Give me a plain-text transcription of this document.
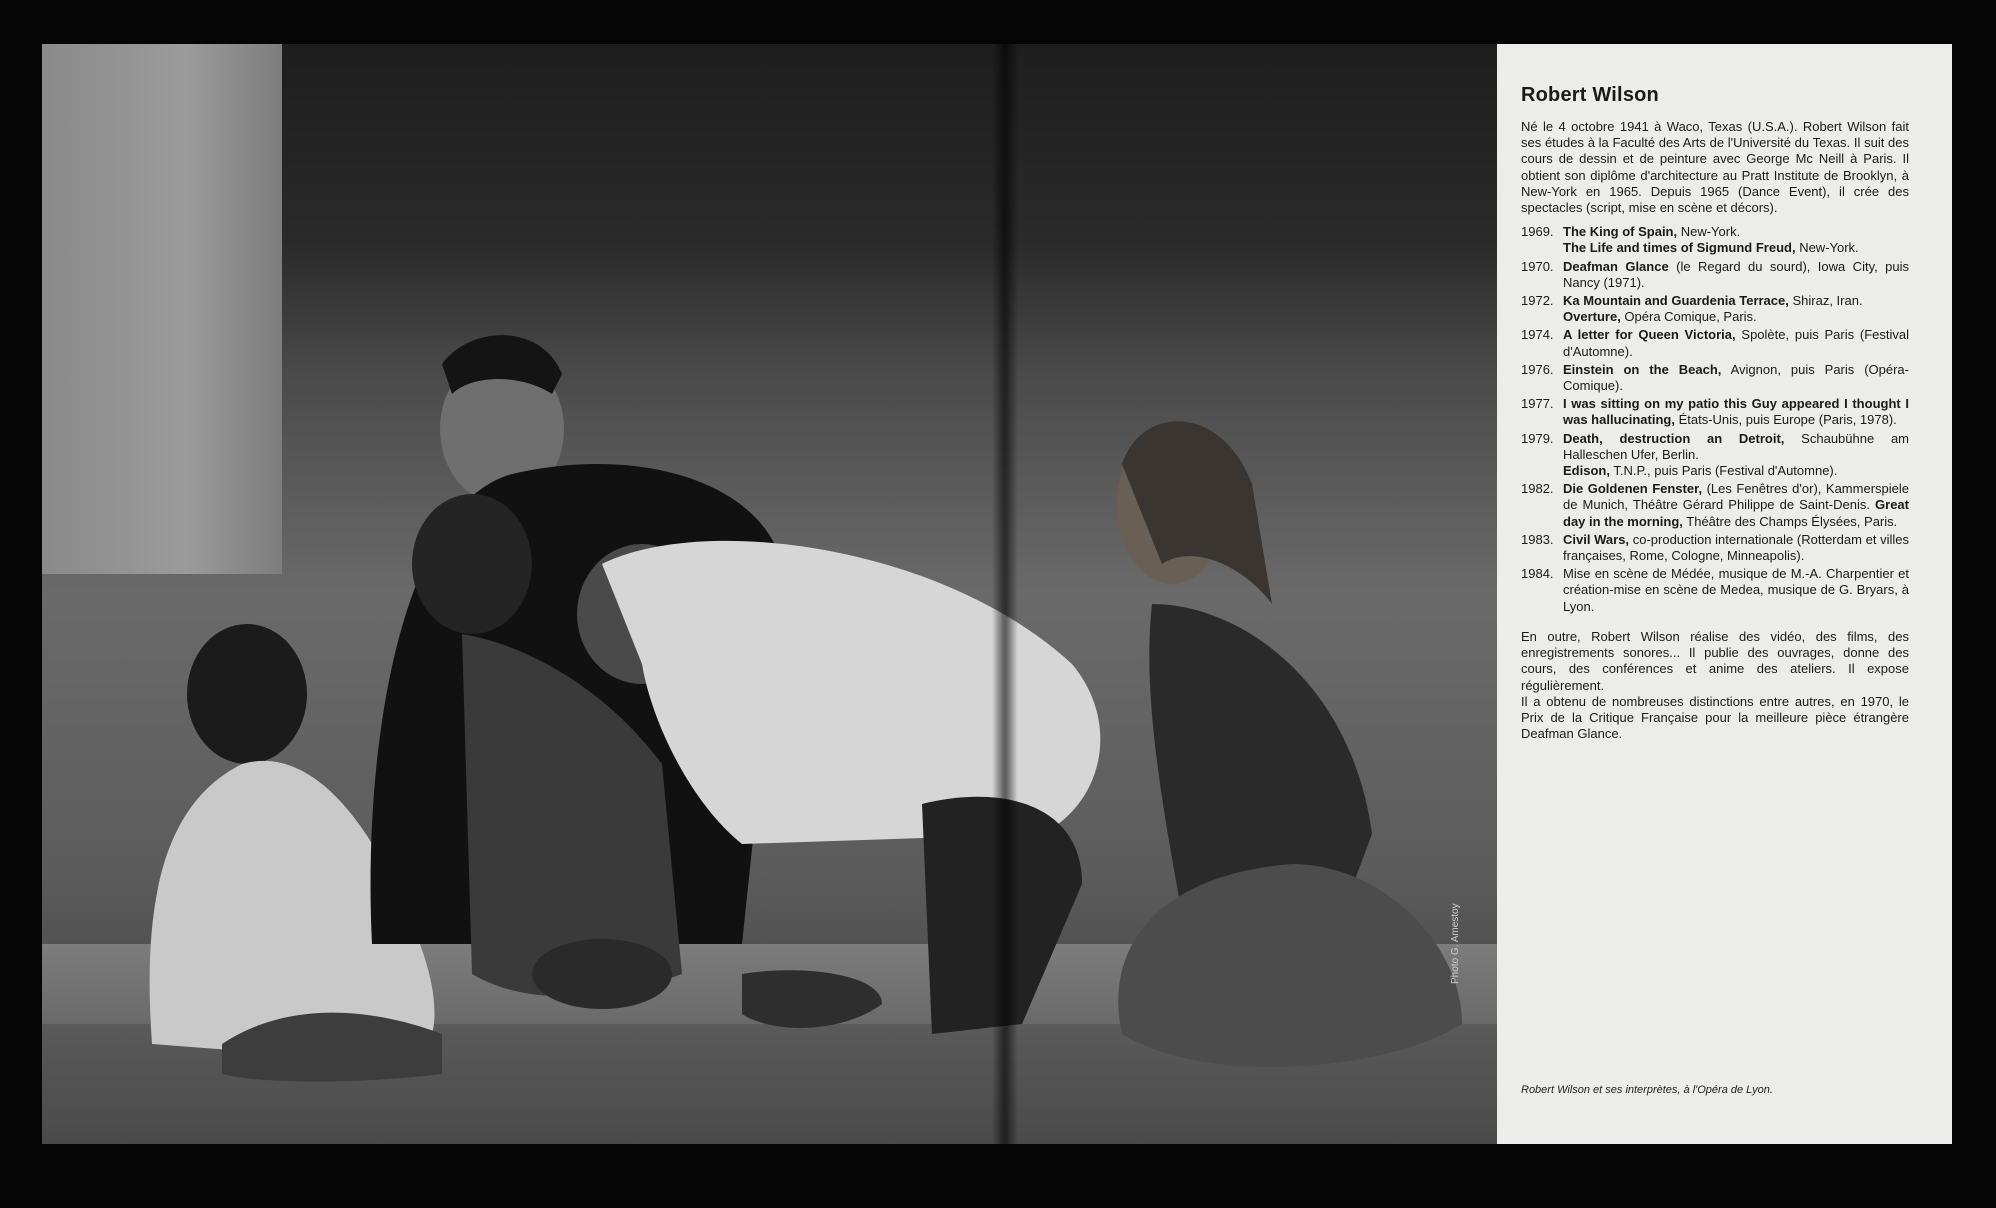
Photo G. Amestoy
Robert Wilson

Né le 4 octobre 1941 à Waco, Texas (U.S.A.). Robert Wilson fait ses études à la Faculté des Arts de l'Université du Texas. Il suit des cours de dessin et de peinture avec George Mc Neill à Paris. Il obtient son diplôme d'architecture au Pratt Institute de Brooklyn, à New-York en 1965. Depuis 1965 (Dance Event), il crée des spectacles (script, mise en scène et décors).

1969. The King of Spain, New-York.
The Life and times of Sigmund Freud, New-York.
1970. Deafman Glance (le Regard du sourd), Iowa City, puis Nancy (1971).
1972. Ka Mountain and Guardenia Terrace, Shiraz, Iran.
Overture, Opéra Comique, Paris.
1974. A letter for Queen Victoria, Spolète, puis Paris (Festival d'Automne).
1976. Einstein on the Beach, Avignon, puis Paris (Opéra-Comique).
1977. I was sitting on my patio this Guy appeared I thought I was hallucinating, États-Unis, puis Europe (Paris, 1978).
1979. Death, destruction an Detroit, Schaubühne am Halleschen Ufer, Berlin.
Edison, T.N.P., puis Paris (Festival d'Automne).
1982. Die Goldenen Fenster, (Les Fenêtres d'or), Kammerspiele de Munich, Théâtre Gérard Philippe de Saint-Denis. Great day in the morning, Théâtre des Champs Élysées, Paris.
1983. Civil Wars, co-production internationale (Rotterdam et villes françaises, Rome, Cologne, Minneapolis).
1984. Mise en scène de Médée, musique de M.-A. Charpentier et création-mise en scène de Medea, musique de G. Bryars, à Lyon.

En outre, Robert Wilson réalise des vidéo, des films, des enregistrements sonores... Il publie des ouvrages, donne des cours, des conférences et anime des ateliers. Il expose régulièrement.

Il a obtenu de nombreuses distinctions entre autres, en 1970, le Prix de la Critique Française pour la meilleure pièce étrangère Deafman Glance.

Robert Wilson et ses interprètes, à l'Opéra de Lyon.
